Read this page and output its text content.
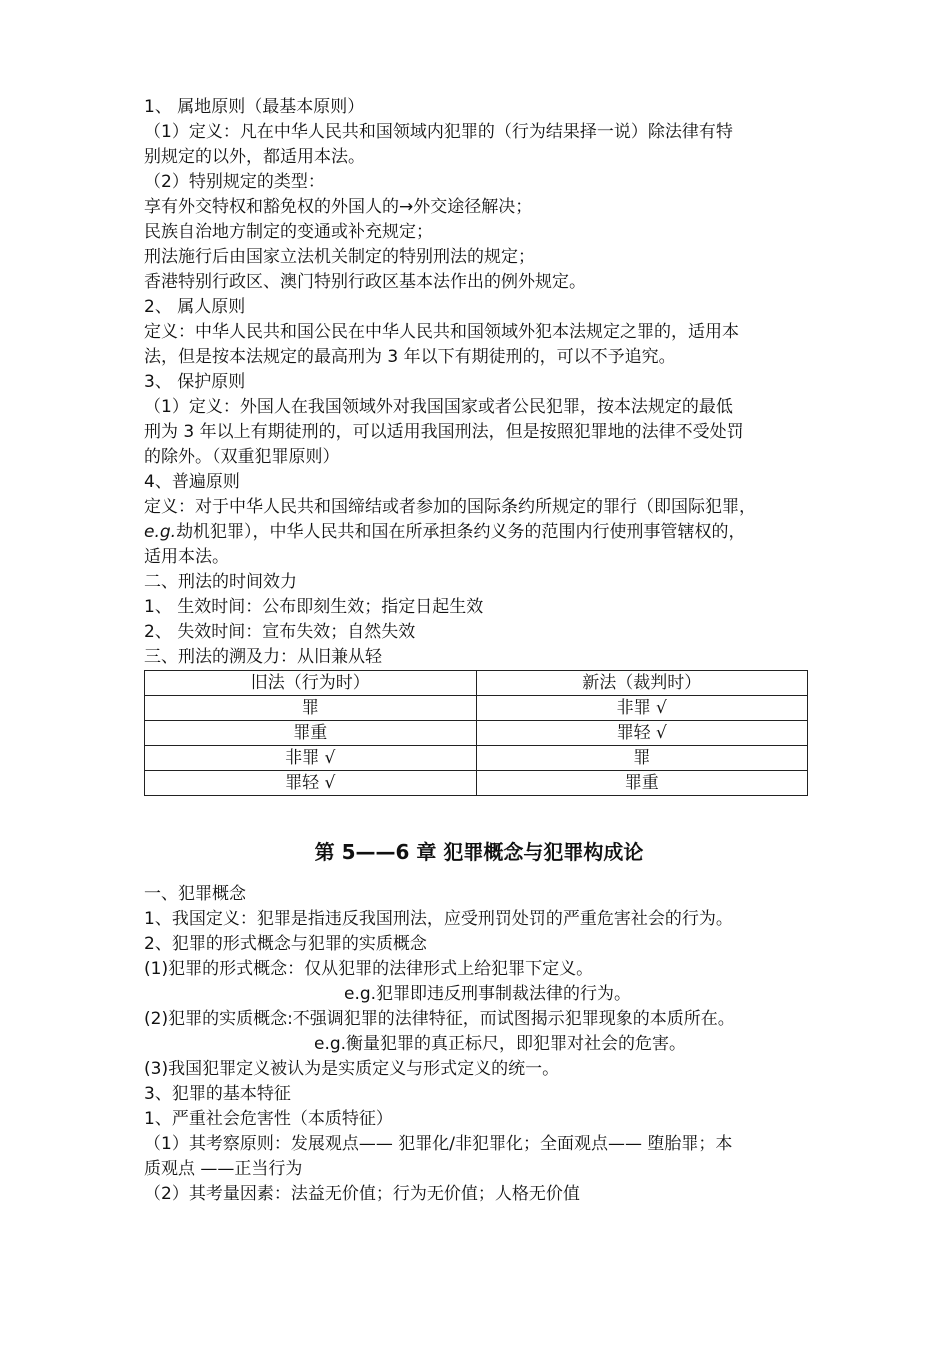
1、 属地原则（最基本原则）
（1）定义：凡在中华人民共和国领域内犯罪的（行为结果择一说）除法律有特
别规定的以外，都适用本法。
（2）特别规定的类型：
享有外交特权和豁免权的外国人的→外交途径解决；
民族自治地方制定的变通或补充规定；
刑法施行后由国家立法机关制定的特别刑法的规定；
香港特别行政区、澳门特别行政区基本法作出的例外规定。
2、 属人原则
定义：中华人民共和国公民在中华人民共和国领域外犯本法规定之罪的，适用本
法，但是按本法规定的最高刑为 3 年以下有期徒刑的，可以不予追究。
3、 保护原则
（1）定义：外国人在我国领域外对我国国家或者公民犯罪，按本法规定的最低
刑为 3 年以上有期徒刑的，可以适用我国刑法，但是按照犯罪地的法律不受处罚
的除外。（双重犯罪原则）
4、普遍原则
定义：对于中华人民共和国缔结或者参加的国际条约所规定的罪行（即国际犯罪，
e.g.劫机犯罪），中华人民共和国在所承担条约义务的范围内行使刑事管辖权的，
适用本法。
二、刑法的时间效力
1、 生效时间：公布即刻生效；指定日起生效
2、 失效时间：宣布失效；自然失效
三、刑法的溯及力：从旧兼从轻
旧法（行为时）	新法（裁判时）
罪	非罪 √
罪重	罪轻 √
非罪 √	罪
罪轻 √	罪重
第 5——6 章 犯罪概念与犯罪构成论
一、犯罪概念
1、我国定义：犯罪是指违反我国刑法，应受刑罚处罚的严重危害社会的行为。
2、犯罪的形式概念与犯罪的实质概念
(1)犯罪的形式概念：仅从犯罪的法律形式上给犯罪下定义。
e.g.犯罪即违反刑事制裁法律的行为。
(2)犯罪的实质概念:不强调犯罪的法律特征，而试图揭示犯罪现象的本质所在。
e.g.衡量犯罪的真正标尺，即犯罪对社会的危害。
(3)我国犯罪定义被认为是实质定义与形式定义的统一。
3、犯罪的基本特征
1、严重社会危害性（本质特征）
（1）其考察原则：发展观点—— 犯罪化/非犯罪化；全面观点—— 堕胎罪；本
质观点 ——正当行为
（2）其考量因素：法益无价值；行为无价值；人格无价值
